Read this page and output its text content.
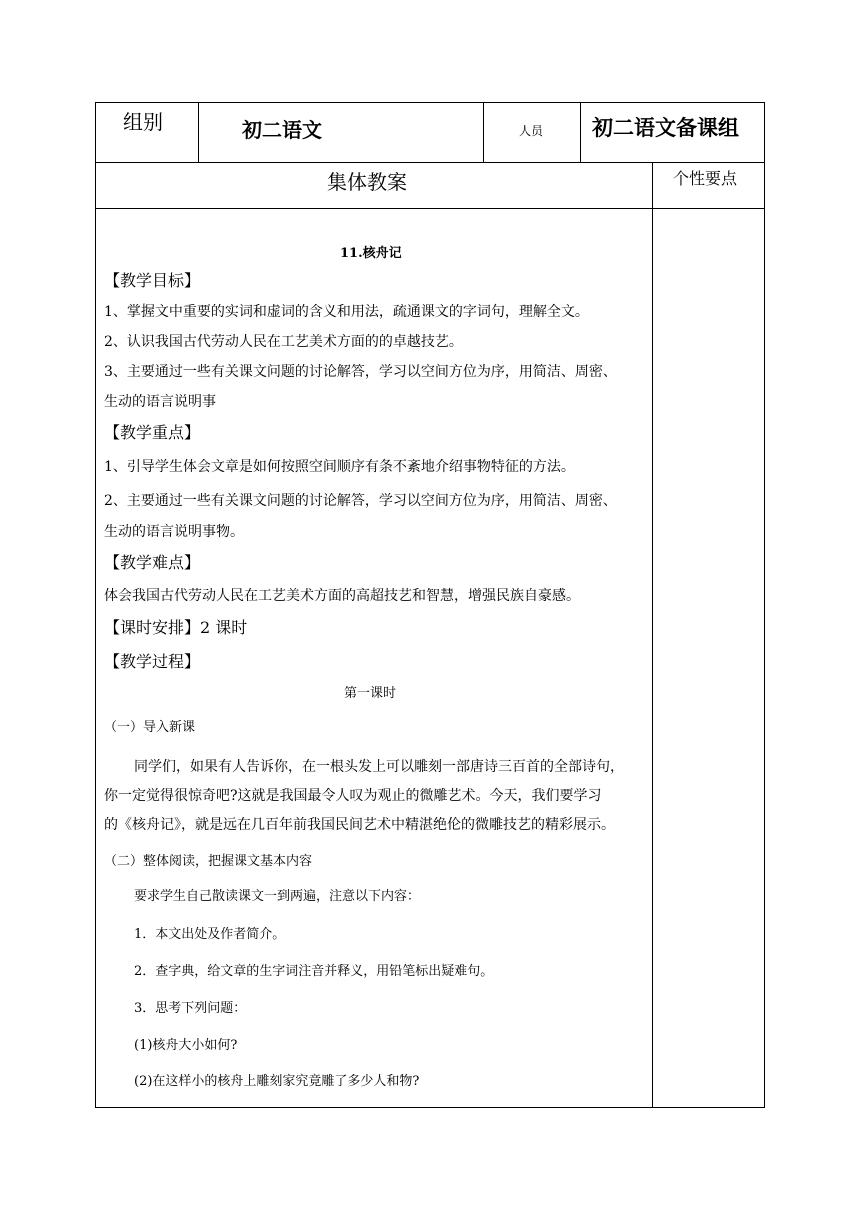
组别	初二语文	人员 初二语文备课组
集体教案	个性要点
11.核舟记
【教学目标】
1、掌握文中重要的实词和虚词的含义和用法，疏通课文的字词句，理解全文。
2、认识我国古代劳动人民在工艺美术方面的的卓越技艺。
3、主要通过一些有关课文问题的讨论解答，学习以空间方位为序，用简洁、周密、
生动的语言说明事
【教学重点】
1、引导学生体会文章是如何按照空间顺序有条不紊地介绍事物特征的方法。
2、主要通过一些有关课文问题的讨论解答，学习以空间方位为序，用简洁、周密、
生动的语言说明事物。
【教学难点】
体会我国古代劳动人民在工艺美术方面的高超技艺和智慧，增强民族自豪感。
【课时安排】2 课时
【教学过程】
第一课时
（一）导入新课
同学们，如果有人告诉你，在一根头发上可以雕刻一部唐诗三百首的全部诗句，
你一定觉得很惊奇吧?这就是我国最令人叹为观止的微雕艺术。今天，我们要学习
的《核舟记》，就是远在几百年前我国民间艺术中精湛绝伦的微雕技艺的精彩展示。
（二）整体阅读，把握课文基本内容
要求学生自己散读课文一到两遍，注意以下内容：
1．本文出处及作者简介。
2．查字典，给文章的生字词注音并释义，用铅笔标出疑难句。
3．思考下列问题：
(1)核舟大小如何?
(2)在这样小的核舟上雕刻家究竟雕了多少人和物?
